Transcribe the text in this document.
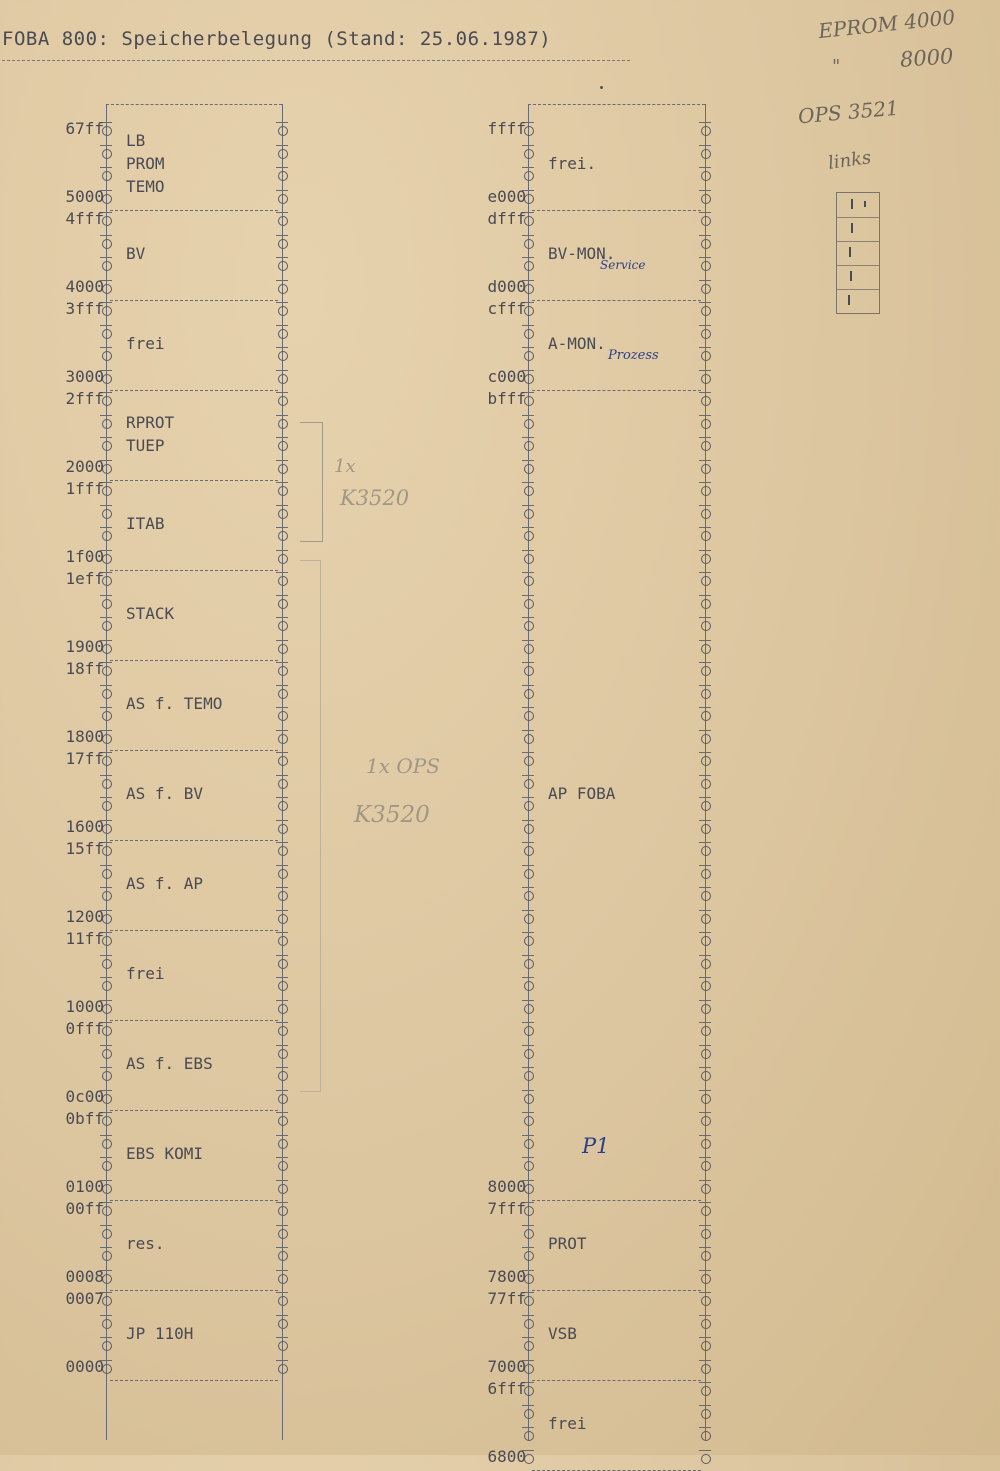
FOBA 800: Speicherbelegung (Stand: 25.06.1987)
67ff
5000
LB
PROM
TEMO
4fff
4000
BV
3fff
3000
frei
2fff
2000
RPROT
TUEP
1fff
1f00
ITAB
1eff
1900
STACK
18ff
1800
AS f. TEMO
17ff
1600
AS f. BV
15ff
1200
AS f. AP
11ff
1000
frei
0fff
0c00
AS f. EBS
0bff
0100
EBS KOMI
00ff
0008
res.
0007
0000
JP 110H
ffff
e000
frei.
dfff
d000
BV-MON.
cfff
c000
A-MON.
bfff
8000
AP FOBA
7fff
7800
PROT
77ff
7000
VSB
6fff
6800
frei
EPROM 4000
"	8000
OPS 3521
links
Service
Prozess
P1
1x
K3520
1x OPS
K3520
